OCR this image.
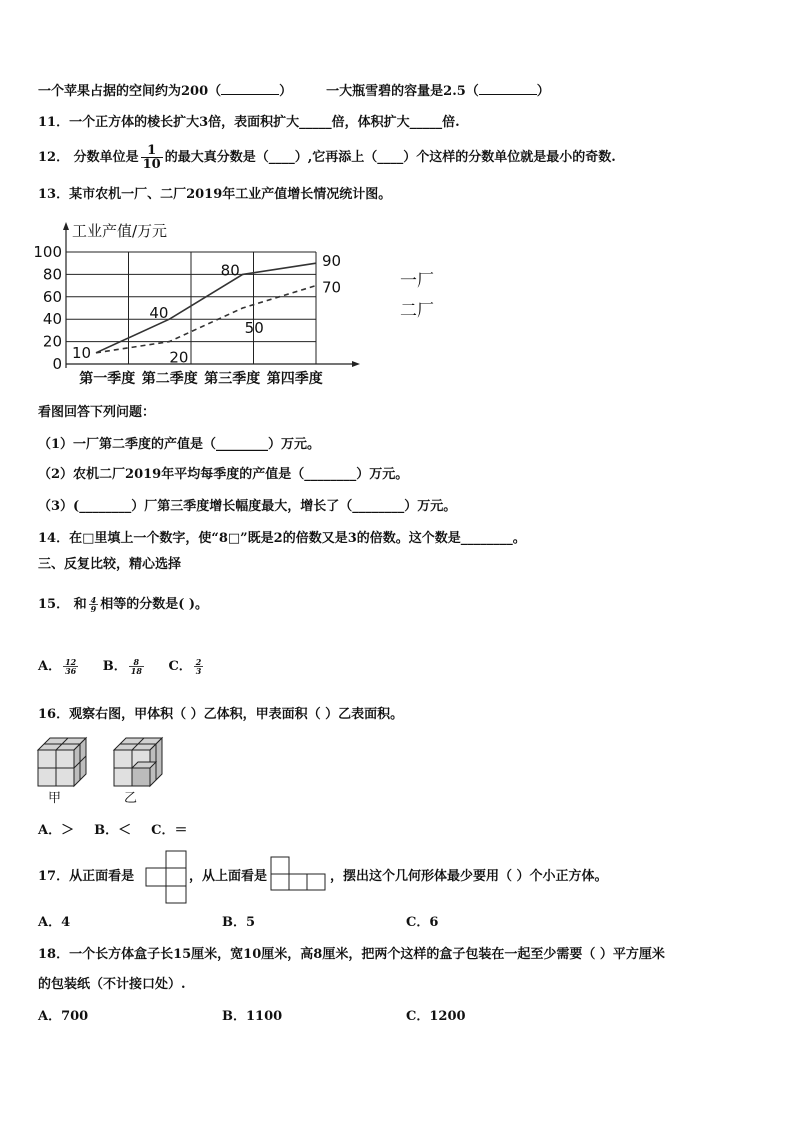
一个苹果占据的空间约为200（	）	一大瓶雪碧的容量是2.5（	）
11．一个正方体的棱长扩大3倍，表面积扩大_____倍，体积扩大_____倍.
12． 分数单位是 $\frac{1}{10}$ 的最大真分数是（____）,它再添上（____）个这样的分数单位就是最小的奇数.
13．某市农机一厂、二厂2019年工业产值增长情况统计图。
工业产值/万元
0
20
40
60
80
100
第一季度 第二季度 第三季度 第四季度
10
40
80
90
20
50
70	一厂
二厂
看图回答下列问题：
（1）一厂第二季度的产值是（________）万元。
（2）农机二厂2019年平均每季度的产值是（________）万元。
（3）(________）厂第三季度增长幅度最大，增长了（________）万元。
14．在□里填上一个数字，使“8□”既是2的倍数又是3的倍数。这个数是________。
三、反复比较，精心选择
15． 和 $\frac{4}{9}$ 相等的分数是( )。
A． $\frac{12}{36}$ B． $\frac{8}{18}$ C． $\frac{2}{3}$
16．观察右图，甲体积（ ）乙体积，甲表面积（ ）乙表面积。
甲	乙
A．＞ B．＜ C．＝
17．从正面看是	，从上面看是	，摆出这个几何形体最少要用（ ）个小正方体。
A．4	B．5	C．6
18．一个长方体盒子长15厘米，宽10厘米，高8厘米，把两个这样的盒子包装在一起至少需要（ ）平方厘米
的包装纸（不计接口处）.
A．700	B．1100	C．1200
